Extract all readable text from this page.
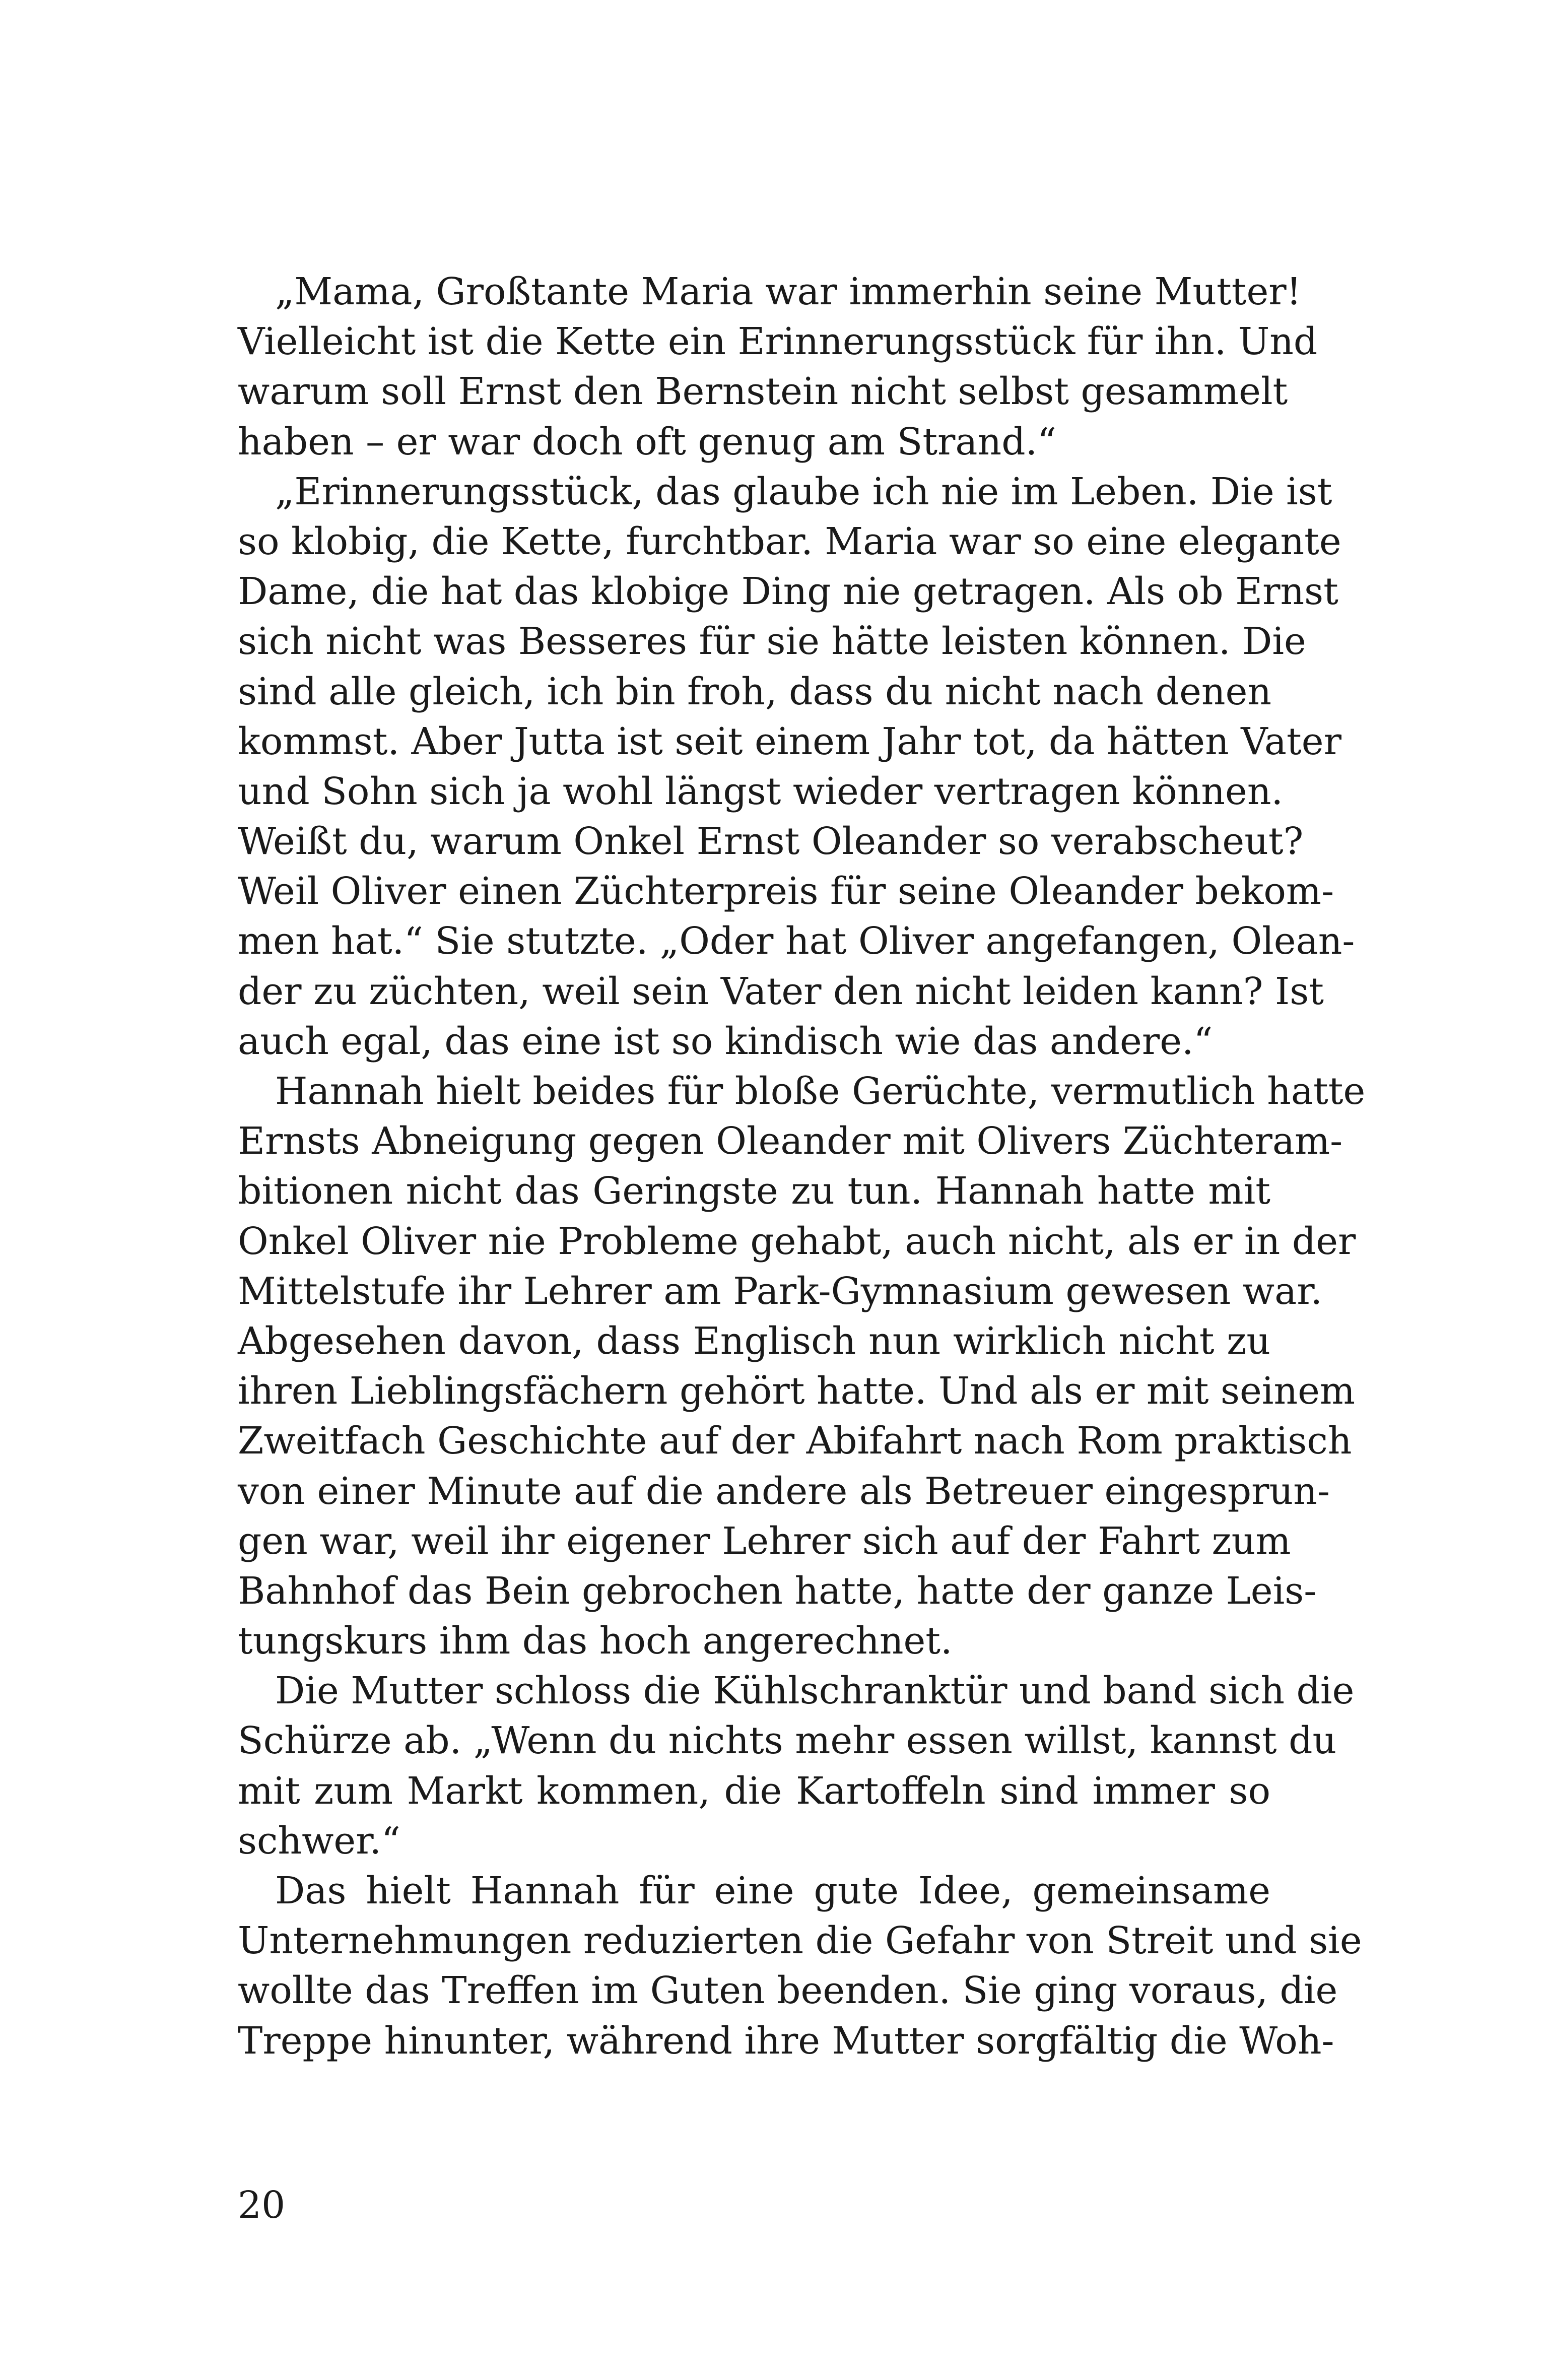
„Mama, Großtante Maria war immerhin seine Mutter!
Vielleicht ist die Kette ein Erinnerungsstück für ihn. Und
warum soll Ernst den Bernstein nicht selbst gesammelt
haben – er war doch oft genug am Strand.“
„Erinnerungsstück, das glaube ich nie im Leben. Die ist
so klobig, die Kette, furchtbar. Maria war so eine elegante
Dame, die hat das klobige Ding nie getragen. Als ob Ernst
sich nicht was Besseres für sie hätte leisten können. Die
sind alle gleich, ich bin froh, dass du nicht nach denen
kommst. Aber Jutta ist seit einem Jahr tot, da hätten Vater
und Sohn sich ja wohl längst wieder vertragen können.
Weißt du, warum Onkel Ernst Oleander so verabscheut?
Weil Oliver einen Züchterpreis für seine Oleander bekom-
men hat.“ Sie stutzte. „Oder hat Oliver angefangen, Olean-
der zu züchten, weil sein Vater den nicht leiden kann? Ist
auch egal, das eine ist so kindisch wie das andere.“
Hannah hielt beides für bloße Gerüchte, vermutlich hatte
Ernsts Abneigung gegen Oleander mit Olivers Züchteram-
bitionen nicht das Geringste zu tun. Hannah hatte mit
Onkel Oliver nie Probleme gehabt, auch nicht, als er in der
Mittelstufe ihr Lehrer am Park-Gymnasium gewesen war.
Abgesehen davon, dass Englisch nun wirklich nicht zu
ihren Lieblingsfächern gehört hatte. Und als er mit seinem
Zweitfach Geschichte auf der Abifahrt nach Rom praktisch
von einer Minute auf die andere als Betreuer eingesprun-
gen war, weil ihr eigener Lehrer sich auf der Fahrt zum
Bahnhof das Bein gebrochen hatte, hatte der ganze Leis-
tungskurs ihm das hoch angerechnet.
Die Mutter schloss die Kühlschranktür und band sich die
Schürze ab. „Wenn du nichts mehr essen willst, kannst du
mit zum Markt kommen, die Kartoffeln sind immer so
schwer.“
Das hielt Hannah für eine gute Idee, gemeinsame
Unternehmungen reduzierten die Gefahr von Streit und sie
wollte das Treffen im Guten beenden. Sie ging voraus, die
Treppe hinunter, während ihre Mutter sorgfältig die Woh-
20
